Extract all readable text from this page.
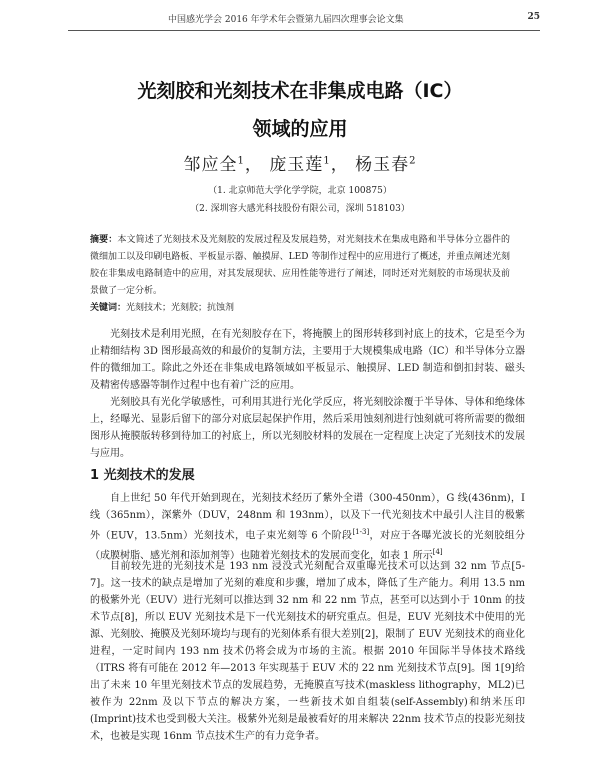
中国感光学会 2016 年学术年会暨第九届四次理事会论文集	25
光刻胶和光刻技术在非集成电路（IC）
领域的应用
邹应全$^1$， 庞玉莲$^1$， 杨玉春$^2$
（1. 北京师范大学化学学院，北京 100875）
（2. 深圳容大感光科技股份有限公司，深圳 518103）
摘要：本文简述了光刻技术及光刻胶的发展过程及发展趋势，对光刻技术在集成电路和半导体分立器件的微细加工以及印刷电路板、平板显示器、触摸屏、LED 等制作过程中的应用进行了概述，并重点阐述光刻胶在非集成电路制造中的应用，对其发展现状、应用性能等进行了阐述，同时还对光刻胶的市场现状及前景做了一定分析。
关键词：光刻技术；光刻胶；抗蚀剂

光刻技术是利用光照，在有光刻胶存在下，将掩膜上的图形转移到衬底上的技术，它是至今为止精细结构 3D 图形最高效的和最价的复制方法，主要用于大规模集成电路（IC）和半导体分立器件的微细加工。除此之外还在非集成电路领域如平板显示、触摸屏、LED 制造和倒扣封装、磁头及精密传感器等制作过程中也有着广泛的应用。

光刻胶具有光化学敏感性，可利用其进行光化学反应，将光刻胶涂覆于半导体、导体和绝缘体上，经曝光、显影后留下的部分对底层起保护作用，然后采用蚀刻剂进行蚀刻就可将所需要的微细图形从掩膜版转移到待加工的衬底上，所以光刻胶材料的发展在一定程度上决定了光刻技术的发展与应用。

1 光刻技术的发展

自上世纪 50 年代开始到现在，光刻技术经历了紫外全谱（300-450nm），G 线(436nm)，I 线（365nm），深紫外（DUV，248nm 和 193nm），以及下一代光刻技术中最引人注目的极紫外（EUV，13.5nm）光刻技术，电子束光刻等 6 个阶段[1-3]，对应于各曝光波长的光刻胶组分（成膜树脂、感光剂和添加剂等）也随着光刻技术的发展而变化，如表 1 所示[4]

目前较先进的光刻技术是 193 nm 浸没式光刻配合双重曝光技术可以达到 32 nm 节点[5-7]。这一技术的缺点是增加了光刻的难度和步骤，增加了成本，降低了生产能力。利用 13.5 nm 的极紫外光（EUV）进行光刻可以推达到 32 nm 和 22 nm 节点，甚至可以达到小于 10nm 的技术节点[8]，所以 EUV 光刻技术是下一代光刻技术的研究重点。但是，EUV 光刻技术中使用的光源、光刻胶、掩膜及光刻环境均与现有的光刻体系有很大差别[2]，限制了 EUV 光刻技术的商业化进程，一定时间内 193 nm 技术仍将会成为市场的主流。根据 2010 年国际半导体技术路线（ITRS 将有可能在 2012 年—2013 年实现基于 EUV 术的 22 nm 光刻技术节点[9]。图 1[9]给出了未来 10 年里光刻技术节点的发展趋势，无掩膜直写技术(maskless lithography，ML2)已被作为 22nm 及以下节点的解决方案，一些新技术如自组装(self-Assembly)和纳米压印(Imprint)技术也受到极大关注。极紫外光刻是最被看好的用来解决 22nm 技术节点的投影光刻技术，也被是实现 16nm 节点技术生产的有力竞争者。
